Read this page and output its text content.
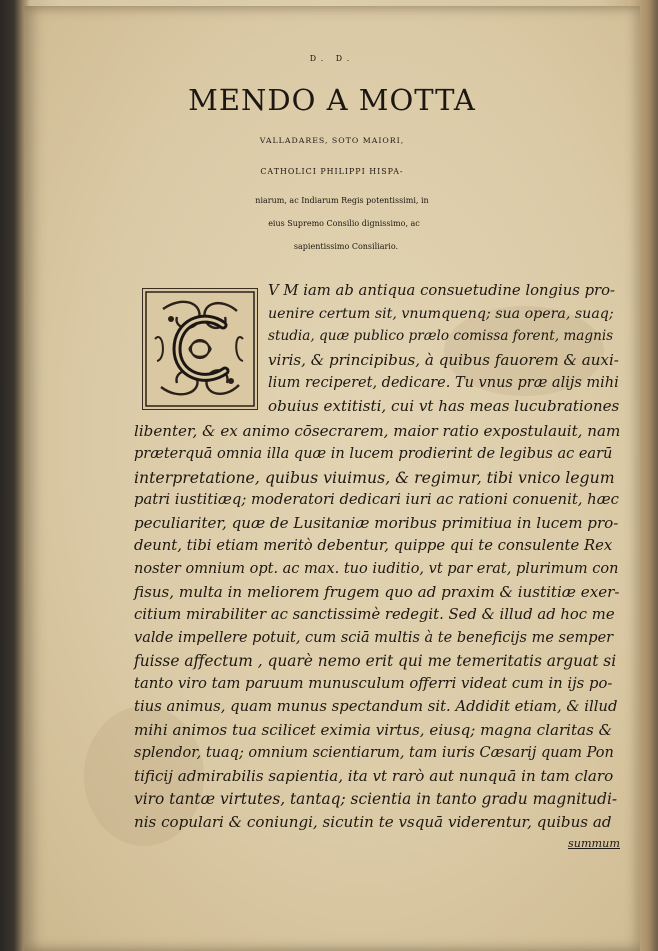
D. D.
MENDO A MOTTA
VALLADARES, SOTO MAIORI,
CATHOLICI PHILIPPI HISPA-
niarum, ac Indiarum Regis potentissimi, in
eius Supremo Consilio dignissimo, ac
sapientissimo Consiliario.
V M iam ab antiqua consuetudine longius pro-
uenire certum sit, vnumquenq; sua opera, suaq;
studia, quæ publico prælo comissa forent, magnis
viris, & principibus, à quibus fauorem & auxi-
lium reciperet, dedicare. Tu vnus præ alijs mihi
obuius extitisti, cui vt has meas lucubrationes
libenter, & ex animo cōsecrarem, maior ratio expostulauit, nam
præterquā omnia illa quæ in lucem prodierint de legibus ac earū
interpretatione, quibus viuimus, & regimur, tibi vnico legum
patri iustitiæq; moderatori dedicari iuri ac rationi conuenit, hæc
peculiariter, quæ de Lusitaniæ moribus primitiua in lucem pro-
deunt, tibi etiam meritò debentur, quippe qui te consulente Rex
noster omnium opt. ac max. tuo iuditio, vt par erat, plurimum con
fisus, multa in meliorem frugem quo ad praxim & iustitiæ exer-
citium mirabiliter ac sanctissimè redegit. Sed & illud ad hoc me
valde impellere potuit, cum sciā multis à te beneficijs me semper
fuisse affectum , quarè nemo erit qui me temeritatis arguat si
tanto viro tam paruum munusculum offerri videat cum in ijs po-
tius animus, quam munus spectandum sit. Addidit etiam, & illud
mihi animos tua scilicet eximia virtus, eiusq; magna claritas &
splendor, tuaq; omnium scientiarum, tam iuris Cæsarij quam Pon
tificij admirabilis sapientia, ita vt rarò aut nunquā in tam claro
viro tantæ virtutes, tantaq; scientia in tanto gradu magnitudi-
nis copulari & coniungi, sicutin te vsquā viderentur, quibus ad
summum
